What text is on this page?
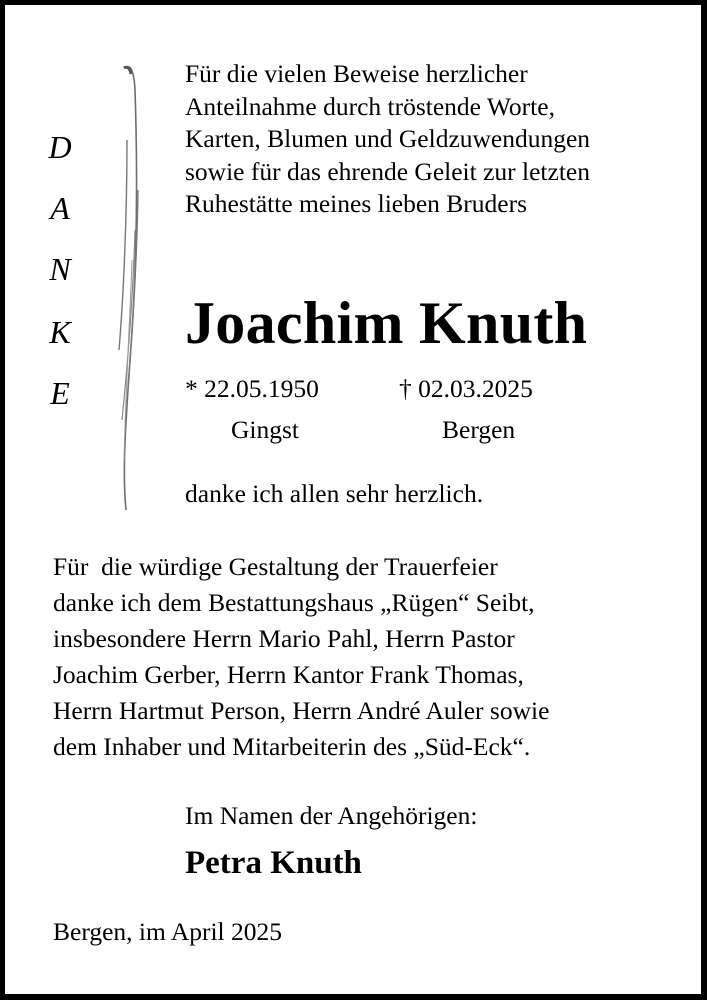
D
A
N
K
E
Für die vielen Beweise herzlicher
Anteilnahme durch tröstende Worte,
Karten, Blumen und Geldzuwendungen
sowie für das ehrende Geleit zur letzten
Ruhestätte meines lieben Bruders
Joachim Knuth
* 22.05.1950	† 02.03.2025
Gingst	Bergen
danke ich allen sehr herzlich.
Für  die würdige Gestaltung der Trauerfeier
danke ich dem Bestattungshaus „Rügen“ Seibt,
insbesondere Herrn Mario Pahl, Herrn Pastor
Joachim Gerber, Herrn Kantor Frank Thomas,
Herrn Hartmut Person, Herrn André Auler sowie
dem Inhaber und Mitarbeiterin des „Süd-Eck“.
Im Namen der Angehörigen:
Petra Knuth
Bergen, im April 2025
